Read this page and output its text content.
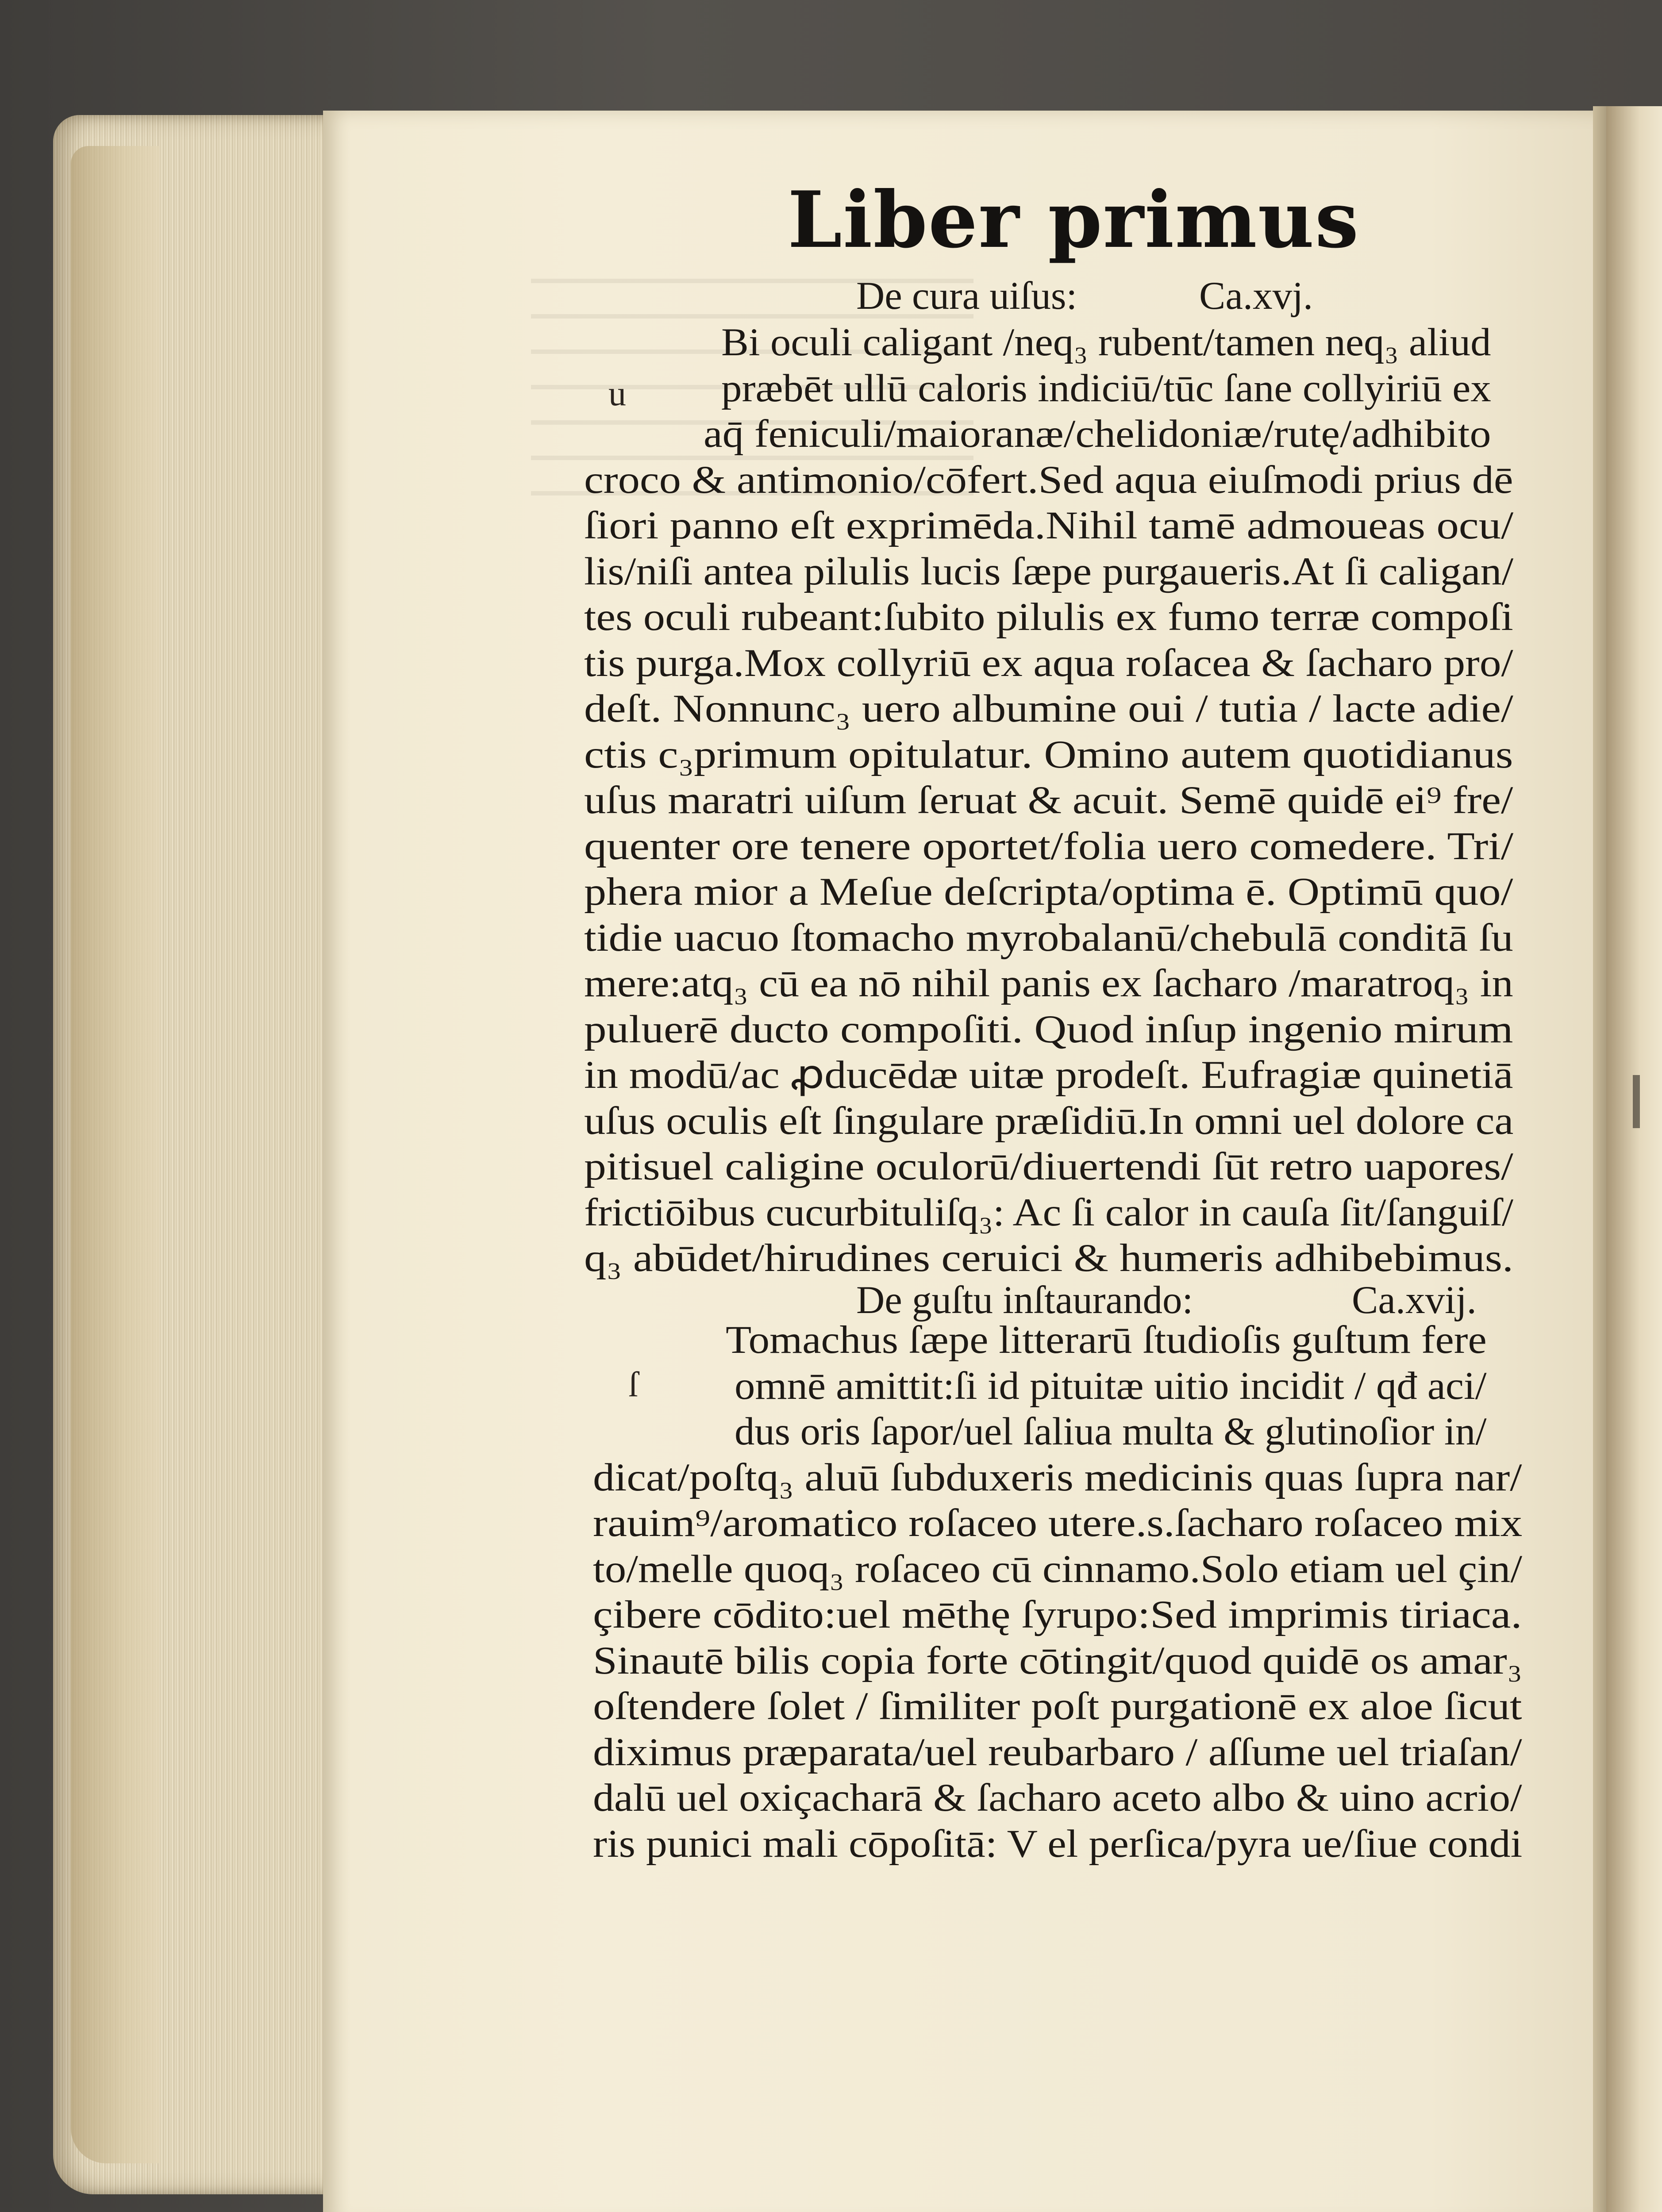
Liber primus
De cura uiſus:	Ca.xvj.
u
Bi oculi caligant /neq₃ rubent/tamen neq₃ aliud
præbēt ullū caloris indiciū/tūc ſane collyiriū ex
aq̄ feniculi/maioranæ/chelidoniæ/rutę/adhibito
croco & antimonio/cōfert.Sed aqua eiuſmodi prius dē
ſiori panno eſt exprimēda.Nihil tamē admoueas ocu/
lis/niſi antea pilulis lucis ſæpe purgaueris.At ſi caligan/
tes oculi rubeant:ſubito pilulis ex fumo terræ compoſi
tis purga.Mox collyriū ex aqua roſacea & ſacharo pro/
deſt. Nonnunc₃ uero albumine oui / tutia / lacte adie/
ctis c₃primum opitulatur. Omino autem quotidianus
uſus maratri uiſum ſeruat & acuit. Semē quidē ei⁹ fre/
quenter ore tenere oportet/folia uero comedere. Tri/
phera mior a Meſue deſcripta/optima ē. Optimū quo/
tidie uacuo ſtomacho myrobalanū/chebulā conditā ſu
mere:atq₃ cū ea nō nihil panis ex ſacharo /maratroq₃ in
puluerē ducto compoſiti. Quod inſup ingenio mirum
in modū/ac ꝓducēdæ uitæ prodeſt. Eufragiæ quinetiā
uſus oculis eſt ſingulare præſidiū.In omni uel dolore ca
pitisuel caligine oculorū/diuertendi ſūt retro uapores/
frictiōibus cucurbituliſq₃: Ac ſi calor in cauſa ſit/ſanguiſ/
q₃ abūdet/hirudines ceruici & humeris adhibebimus.
De guſtu inſtaurando:	Ca.xvij.
ſ
Tomachus ſæpe litterarū ſtudioſis guſtum fere
omnē amittit:ſi id pituitæ uitio incidit / qđ aci/
dus oris ſapor/uel ſaliua multa & glutinoſior in/
dicat/poſtq₃ aluū ſubduxeris medicinis quas ſupra nar/
rauim⁹/aromatico roſaceo utere.s.ſacharo roſaceo mix
to/melle quoq₃ roſaceo cū cinnamo.Solo etiam uel çin/
çibere cōdito:uel mēthę ſyrupo:Sed imprimis tiriaca.
Sinautē bilis copia forte cōtingit/quod quidē os amar₃
oſtendere ſolet / ſimiliter poſt purgationē ex aloe ſicut
diximus præparata/uel reubarbaro / aſſume uel triaſan/
dalū uel oxiçacharā & ſacharo aceto albo & uino acrio/
ris punici mali cōpoſitā: V el perſica/pyra ue/ſiue condi
